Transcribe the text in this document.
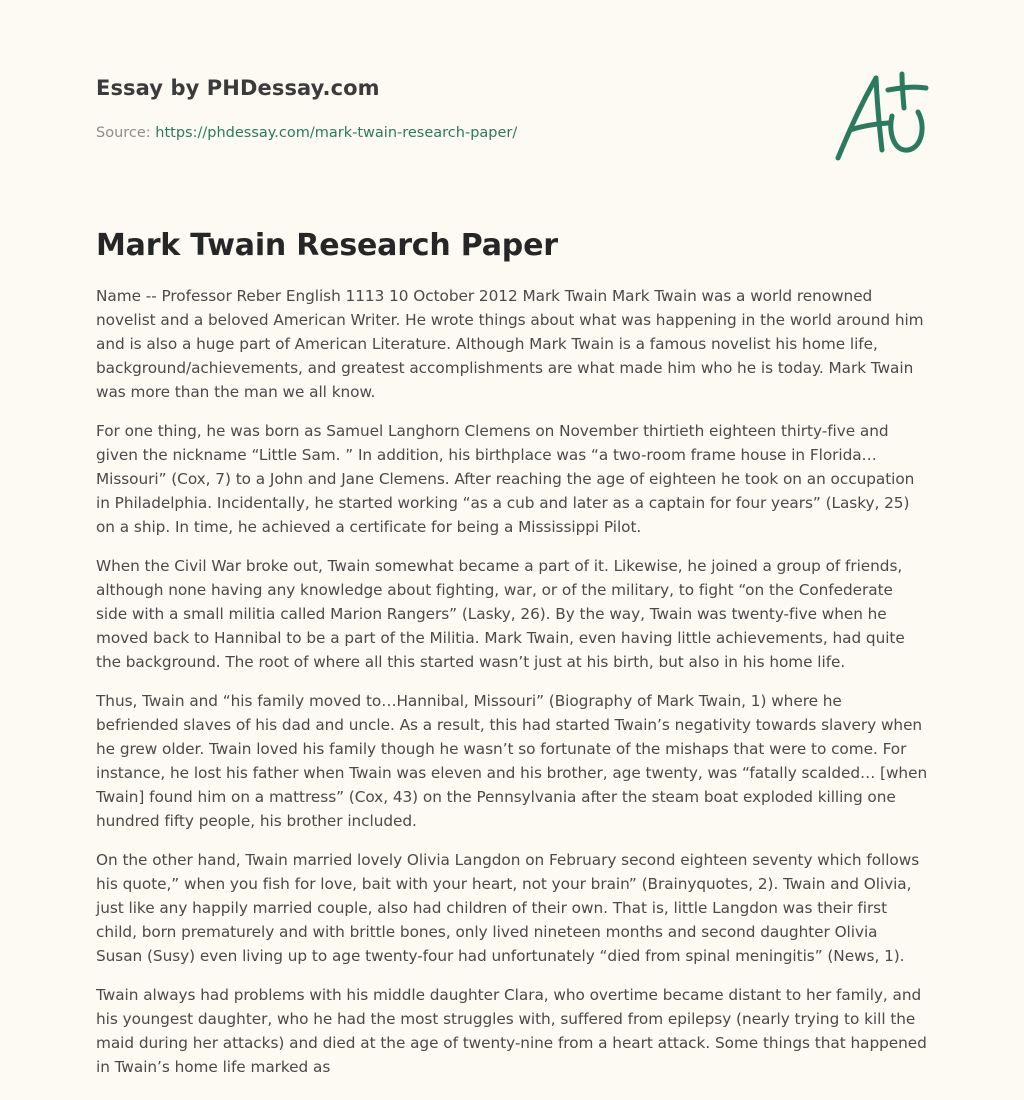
Essay by PHDessay.com
Source: https://phdessay.com/mark-twain-research-paper/
Mark Twain Research Paper

Name -- Professor Reber English 1113 10 October 2012 Mark Twain Mark Twain was a world renowned novelist and a beloved American Writer. He wrote things about what was happening in the world around him and is also a huge part of American Literature. Although Mark Twain is a famous novelist his home life, background/achievements, and greatest accomplishments are what made him who he is today. Mark Twain was more than the man we all know.

For one thing, he was born as Samuel Langhorn Clemens on November thirtieth eighteen thirty-five and given the nickname “Little Sam. ” In addition, his birthplace was “a two-room frame house in Florida…Missouri” (Cox, 7) to a John and Jane Clemens. After reaching the age of eighteen he took on an occupation in Philadelphia. Incidentally, he started working “as a cub and later as a captain for four years” (Lasky, 25) on a ship. In time, he achieved a certificate for being a Mississippi Pilot.

When the Civil War broke out, Twain somewhat became a part of it. Likewise, he joined a group of friends, although none having any knowledge about fighting, war, or of the military, to fight “on the Confederate side with a small militia called Marion Rangers” (Lasky, 26). By the way, Twain was twenty-five when he moved back to Hannibal to be a part of the Militia. Mark Twain, even having little achievements, had quite the background. The root of where all this started wasn’t just at his birth, but also in his home life.

Thus, Twain and “his family moved to…Hannibal, Missouri” (Biography of Mark Twain, 1) where he befriended slaves of his dad and uncle. As a result, this had started Twain’s negativity towards slavery when he grew older. Twain loved his family though he wasn’t so fortunate of the mishaps that were to come. For instance, he lost his father when Twain was eleven and his brother, age twenty, was “fatally scalded… [when Twain] found him on a mattress” (Cox, 43) on the Pennsylvania after the steam boat exploded killing one hundred fifty people, his brother included.

On the other hand, Twain married lovely Olivia Langdon on February second eighteen seventy which follows his quote,” when you fish for love, bait with your heart, not your brain” (Brainyquotes, 2). Twain and Olivia, just like any happily married couple, also had children of their own. That is, little Langdon was their first child, born prematurely and with brittle bones, only lived nineteen months and second daughter Olivia Susan (Susy) even living up to age twenty-four had unfortunately “died from spinal meningitis” (News, 1).

Twain always had problems with his middle daughter Clara, who overtime became distant to her family, and his youngest daughter, who he had the most struggles with, suffered from epilepsy (nearly trying to kill the maid during her attacks) and died at the age of twenty-nine from a heart attack. Some things that happened in Twain’s home life marked as
